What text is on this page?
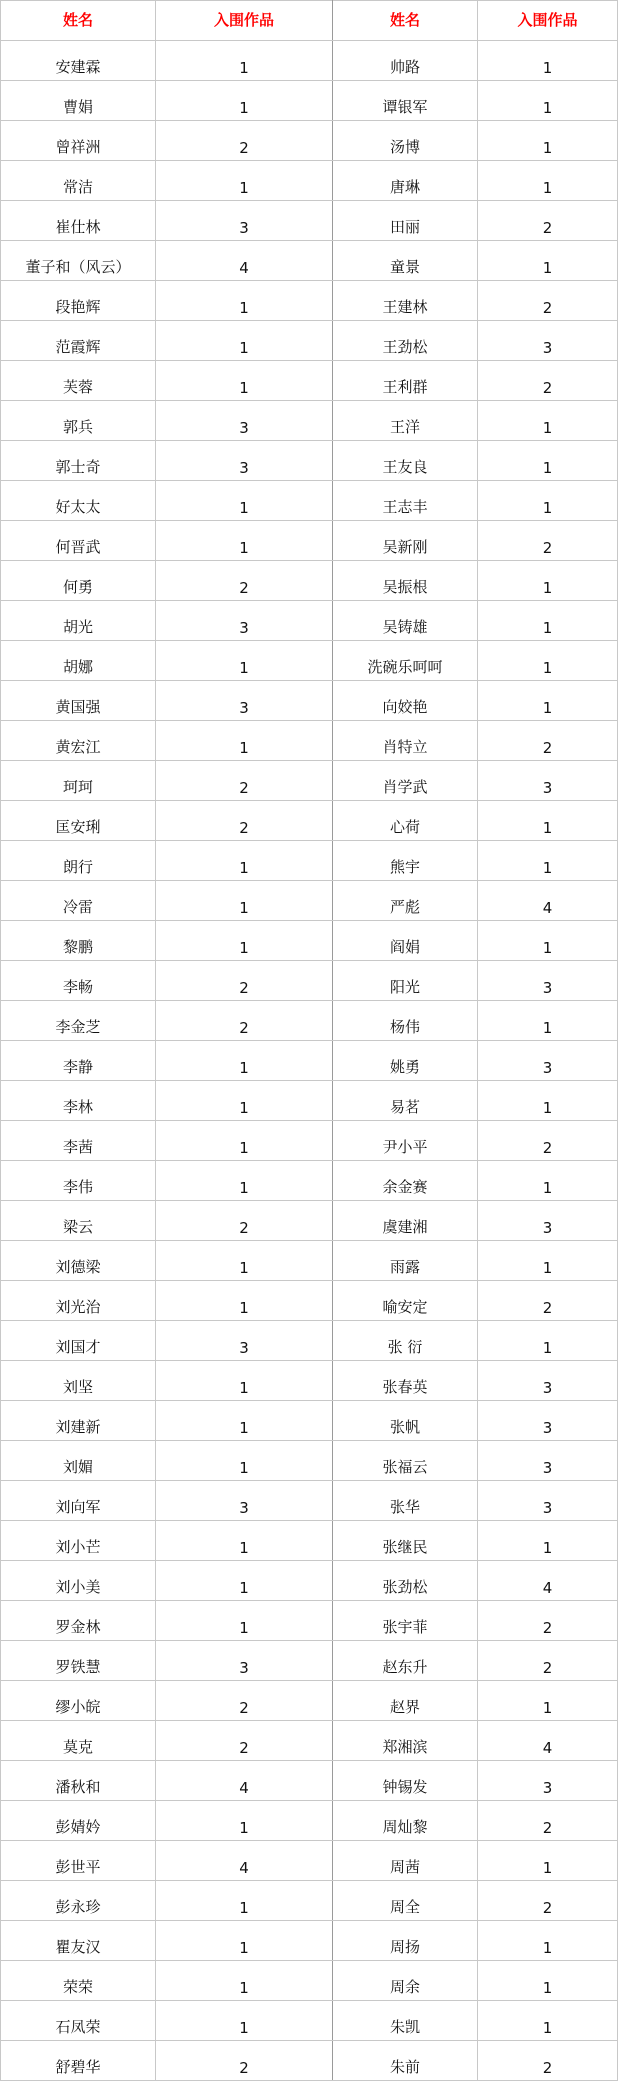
姓名	入围作品	姓名	入围作品
安建霖	1	帅路	1
曹娟	1	谭银军	1
曾祥洲	2	汤博	1
常洁	1	唐琳	1
崔仕林	3	田丽	2
董子和（风云）	4	童景	1
段艳辉	1	王建林	2
范霞辉	1	王劲松	3
芙蓉	1	王利群	2
郭兵	3	王洋	1
郭士奇	3	王友良	1
好太太	1	王志丰	1
何晋武	1	吴新刚	2
何勇	2	吴振根	1
胡光	3	吴铸雄	1
胡娜	1	洗碗乐呵呵	1
黄国强	3	向姣艳	1
黄宏江	1	肖特立	2
珂珂	2	肖学武	3
匡安琍	2	心荷	1
朗行	1	熊宇	1
冷雷	1	严彪	4
黎鹏	1	阎娟	1
李畅	2	阳光	3
李金芝	2	杨伟	1
李静	1	姚勇	3
李林	1	易茗	1
李茜	1	尹小平	2
李伟	1	余金赛	1
梁云	2	虞建湘	3
刘德梁	1	雨露	1
刘光治	1	喻安定	2
刘国才	3	张 衍	1
刘坚	1	张春英	3
刘建新	1	张帆	3
刘媚	1	张福云	3
刘向军	3	张华	3
刘小芒	1	张继民	1
刘小美	1	张劲松	4
罗金林	1	张宇菲	2
罗铁慧	3	赵东升	2
缪小皖	2	赵界	1
莫克	2	郑湘滨	4
潘秋和	4	钟锡发	3
彭婧妗	1	周灿黎	2
彭世平	4	周茜	1
彭永珍	1	周全	2
瞿友汉	1	周扬	1
荣荣	1	周余	1
石凤荣	1	朱凯	1
舒碧华	2	朱前	2
